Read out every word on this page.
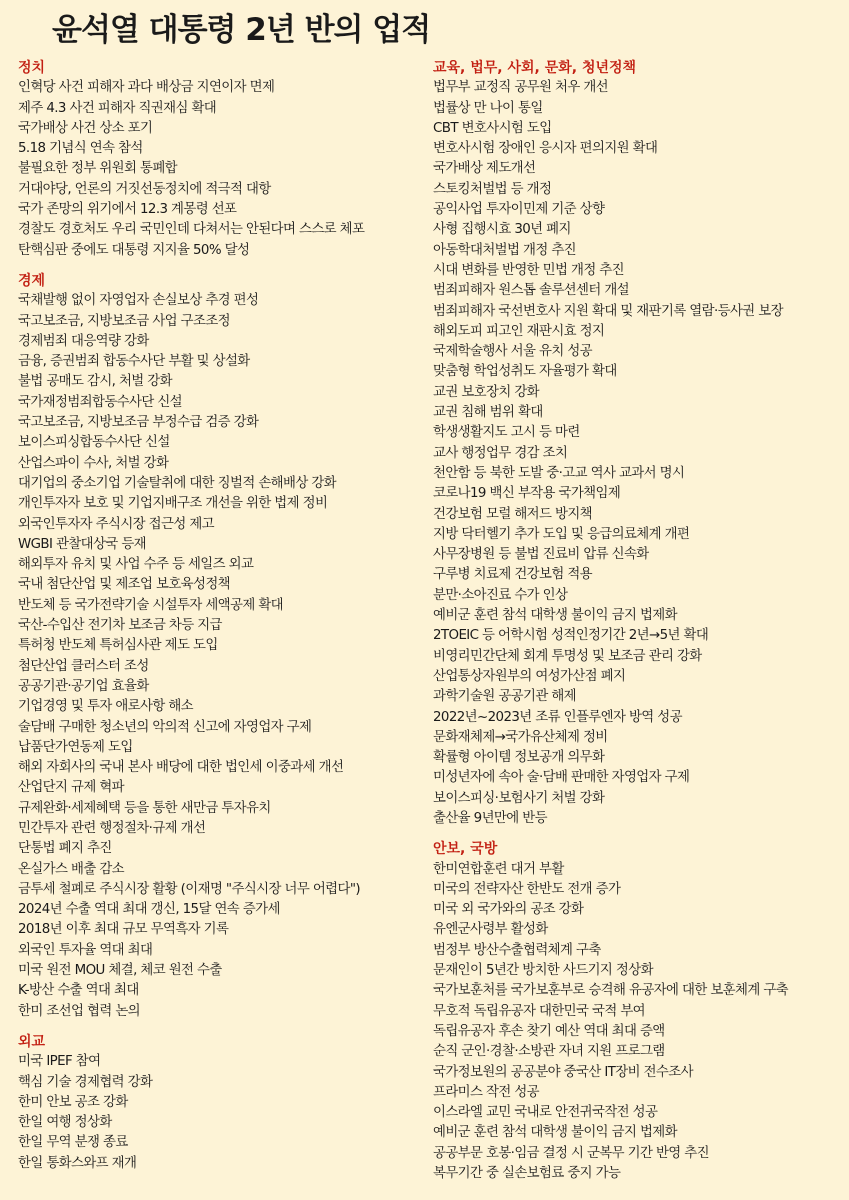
윤석열 대통령 2년 반의 업적
정치
인혁당 사건 피해자 과다 배상금 지연이자 면제
제주 4.3 사건 피해자 직권재심 확대
국가배상 사건 상소 포기
5.18 기념식 연속 참석
불필요한 정부 위원회 통폐합
거대야당, 언론의 거짓선동정치에 적극적 대항
국가 존망의 위기에서 12.3 계몽령 선포
경찰도 경호처도 우리 국민인데 다쳐서는 안된다며 스스로 체포
탄핵심판 중에도 대통령 지지율 50% 달성
경제
국채발행 없이 자영업자 손실보상 추경 편성
국고보조금, 지방보조금 사업 구조조정
경제범죄 대응역량 강화
금융, 증권범죄 합동수사단 부활 및 상설화
불법 공매도 감시, 처벌 강화
국가재정범죄합동수사단 신설
국고보조금, 지방보조금 부정수급 검증 강화
보이스피싱합동수사단 신설
산업스파이 수사, 처벌 강화
대기업의 중소기업 기술탈취에 대한 징벌적 손해배상 강화
개인투자자 보호 및 기업지배구조 개선을 위한 법제 정비
외국인투자자 주식시장 접근성 제고
WGBI 관찰대상국 등재
해외투자 유치 및 사업 수주 등 세일즈 외교
국내 첨단산업 및 제조업 보호육성정책
반도체 등 국가전략기술 시설투자 세액공제 확대
국산-수입산 전기차 보조금 차등 지급
특허청 반도체 특허심사관 제도 도입
첨단산업 클러스터 조성
공공기관·공기업 효율화
기업경영 및 투자 애로사항 해소
술담배 구매한 청소년의 악의적 신고에 자영업자 구제
납품단가연동제 도입
해외 자회사의 국내 본사 배당에 대한 법인세 이중과세 개선
산업단지 규제 혁파
규제완화·세제혜택 등을 통한 새만금 투자유치
민간투자 관련 행정절차·규제 개선
단통법 폐지 추진
온실가스 배출 감소
금투세 철폐로 주식시장 활황 (이재명 "주식시장 너무 어렵다")
2024년 수출 역대 최대 갱신, 15달 연속 증가세
2018년 이후 최대 규모 무역흑자 기록
외국인 투자율 역대 최대
미국 원전 MOU 체결, 체코 원전 수출
K-방산 수출 역대 최대
한미 조선업 협력 논의
외교
미국 IPEF 참여
핵심 기술 경제협력 강화
한미 안보 공조 강화
한일 여행 정상화
한일 무역 분쟁 종료
한일 통화스와프 재개
교육, 법무, 사회, 문화, 청년정책
법무부 교정직 공무원 처우 개선
법률상 만 나이 통일
CBT 변호사시험 도입
변호사시험 장애인 응시자 편의지원 확대
국가배상 제도개선
스토킹처벌법 등 개정
공익사업 투자이민제 기준 상향
사형 집행시효 30년 폐지
아동학대처벌법 개정 추진
시대 변화를 반영한 민법 개정 추진
범죄피해자 원스톱 솔루션센터 개설
범죄피해자 국선변호사 지원 확대 및 재판기록 열람·등사권 보장
해외도피 피고인 재판시효 정지
국제학술행사 서울 유치 성공
맞춤형 학업성취도 자율평가 확대
교권 보호장치 강화
교권 침해 범위 확대
학생생활지도 고시 등 마련
교사 행정업무 경감 조치
천안함 등 북한 도발 중·고교 역사 교과서 명시
코로나19 백신 부작용 국가책임제
건강보험 모럴 해저드 방지책
지방 닥터헬기 추가 도입 및 응급의료체계 개편
사무장병원 등 불법 진료비 압류 신속화
구루병 치료제 건강보험 적용
분만·소아진료 수가 인상
예비군 훈련 참석 대학생 불이익 금지 법제화
2TOEIC 등 어학시험 성적인정기간 2년→5년 확대
비영리민간단체 회계 투명성 및 보조금 관리 강화
산업통상자원부의 여성가산점 폐지
과학기술원 공공기관 해제
2022년~2023년 조류 인플루엔자 방역 성공
문화재체제→국가유산체제 정비
확률형 아이템 정보공개 의무화
미성년자에 속아 술·담배 판매한 자영업자 구제
보이스피싱·보험사기 처벌 강화
출산율 9년만에 반등
안보, 국방
한미연합훈련 대거 부활
미국의 전략자산 한반도 전개 증가
미국 외 국가와의 공조 강화
유엔군사령부 활성화
범정부 방산수출협력체계 구축
문재인이 5년간 방치한 사드기지 정상화
국가보훈처를 국가보훈부로 승격해 유공자에 대한 보훈체계 구축
무호적 독립유공자 대한민국 국적 부여
독립유공자 후손 찾기 예산 역대 최대 증액
순직 군인·경찰·소방관 자녀 지원 프로그램
국가정보원의 공공분야 중국산 IT장비 전수조사
프라미스 작전 성공
이스라엘 교민 국내로 안전귀국작전 성공
예비군 훈련 참석 대학생 불이익 금지 법제화
공공부문 호봉·임금 결정 시 군복무 기간 반영 추진
복무기간 중 실손보험료 중지 가능
